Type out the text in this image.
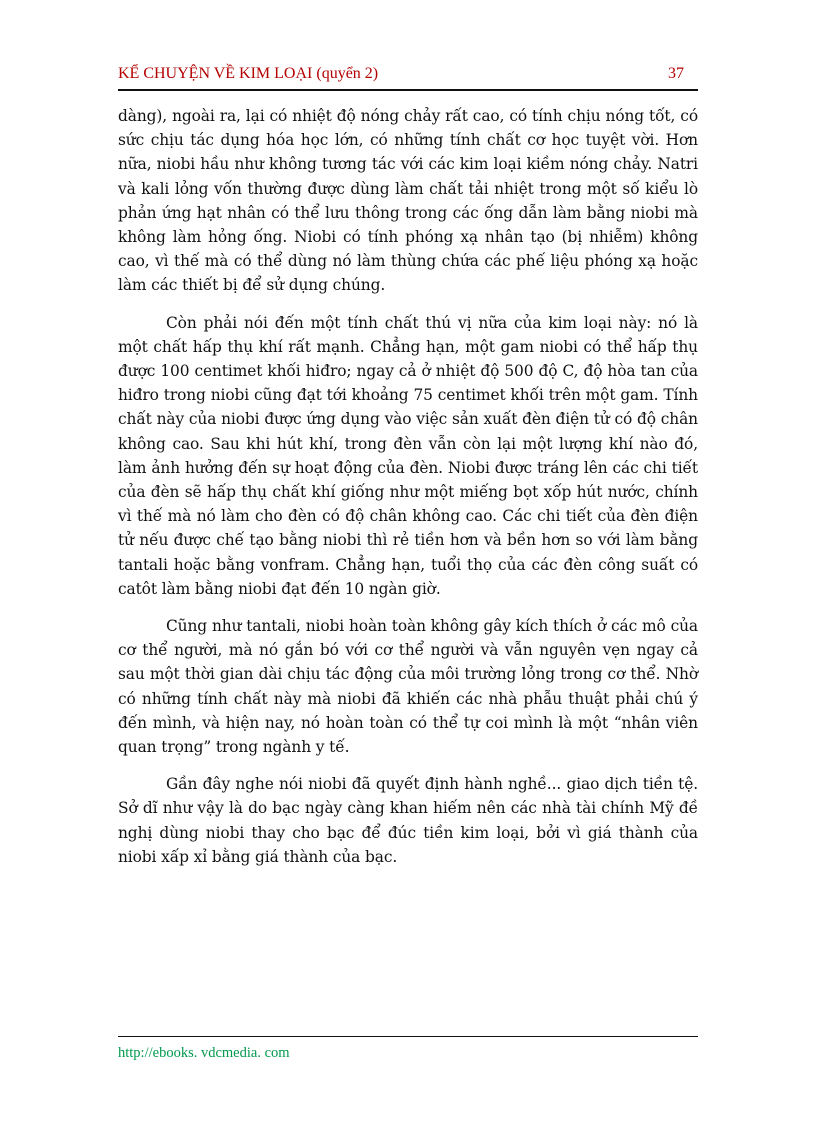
KỂ CHUYỆN VỀ KIM LOẠI (quyển 2)	37

dàng), ngoài ra, lại có nhiệt độ nóng chảy rất cao, có tính chịu nóng tốt, có sức chịu tác dụng hóa học lớn, có những tính chất cơ học tuyệt vời. Hơn nữa, niobi hầu như không tương tác với các kim loại kiềm nóng chảy. Natri và kali lỏng vốn thường được dùng làm chất tải nhiệt trong một số kiểu lò phản ứng hạt nhân có thể lưu thông trong các ống dẫn làm bằng niobi mà không làm hỏng ống. Niobi có tính phóng xạ nhân tạo (bị nhiễm) không cao, vì thế mà có thể dùng nó làm thùng chứa các phế liệu phóng xạ hoặc làm các thiết bị để sử dụng chúng.

Còn phải nói đến một tính chất thú vị nữa của kim loại này: nó là một chất hấp thụ khí rất mạnh. Chẳng hạn, một gam niobi có thể hấp thụ được 100 centimet khối hiđro; ngay cả ở nhiệt độ 500 độ C, độ hòa tan của hiđro trong niobi cũng đạt tới khoảng 75 centimet khối trên một gam. Tính chất này của niobi được ứng dụng vào việc sản xuất đèn điện tử có độ chân không cao. Sau khi hút khí, trong đèn vẫn còn lại một lượng khí nào đó, làm ảnh hưởng đến sự hoạt động của đèn. Niobi được tráng lên các chi tiết của đèn sẽ hấp thụ chất khí giống như một miếng bọt xốp hút nước, chính vì thế mà nó làm cho đèn có độ chân không cao. Các chi tiết của đèn điện tử nếu được chế tạo bằng niobi thì rẻ tiền hơn và bền hơn so với làm bằng tantali hoặc bằng vonfram. Chẳng hạn, tuổi thọ của các đèn công suất có catôt làm bằng niobi đạt đến 10 ngàn giờ.

Cũng như tantali, niobi hoàn toàn không gây kích thích ở các mô của cơ thể người, mà nó gắn bó với cơ thể người và vẫn nguyên vẹn ngay cả sau một thời gian dài chịu tác động của môi trường lỏng trong cơ thể. Nhờ có những tính chất này mà niobi đã khiến các nhà phẫu thuật phải chú ý đến mình, và hiện nay, nó hoàn toàn có thể tự coi mình là một “nhân viên quan trọng” trong ngành y tế.

Gần đây nghe nói niobi đã quyết định hành nghề... giao dịch tiền tệ. Sở dĩ như vậy là do bạc ngày càng khan hiếm nên các nhà tài chính Mỹ đề nghị dùng niobi thay cho bạc để đúc tiền kim loại, bởi vì giá thành của niobi xấp xỉ bằng giá thành của bạc.

http://ebooks. vdcmedia. com
